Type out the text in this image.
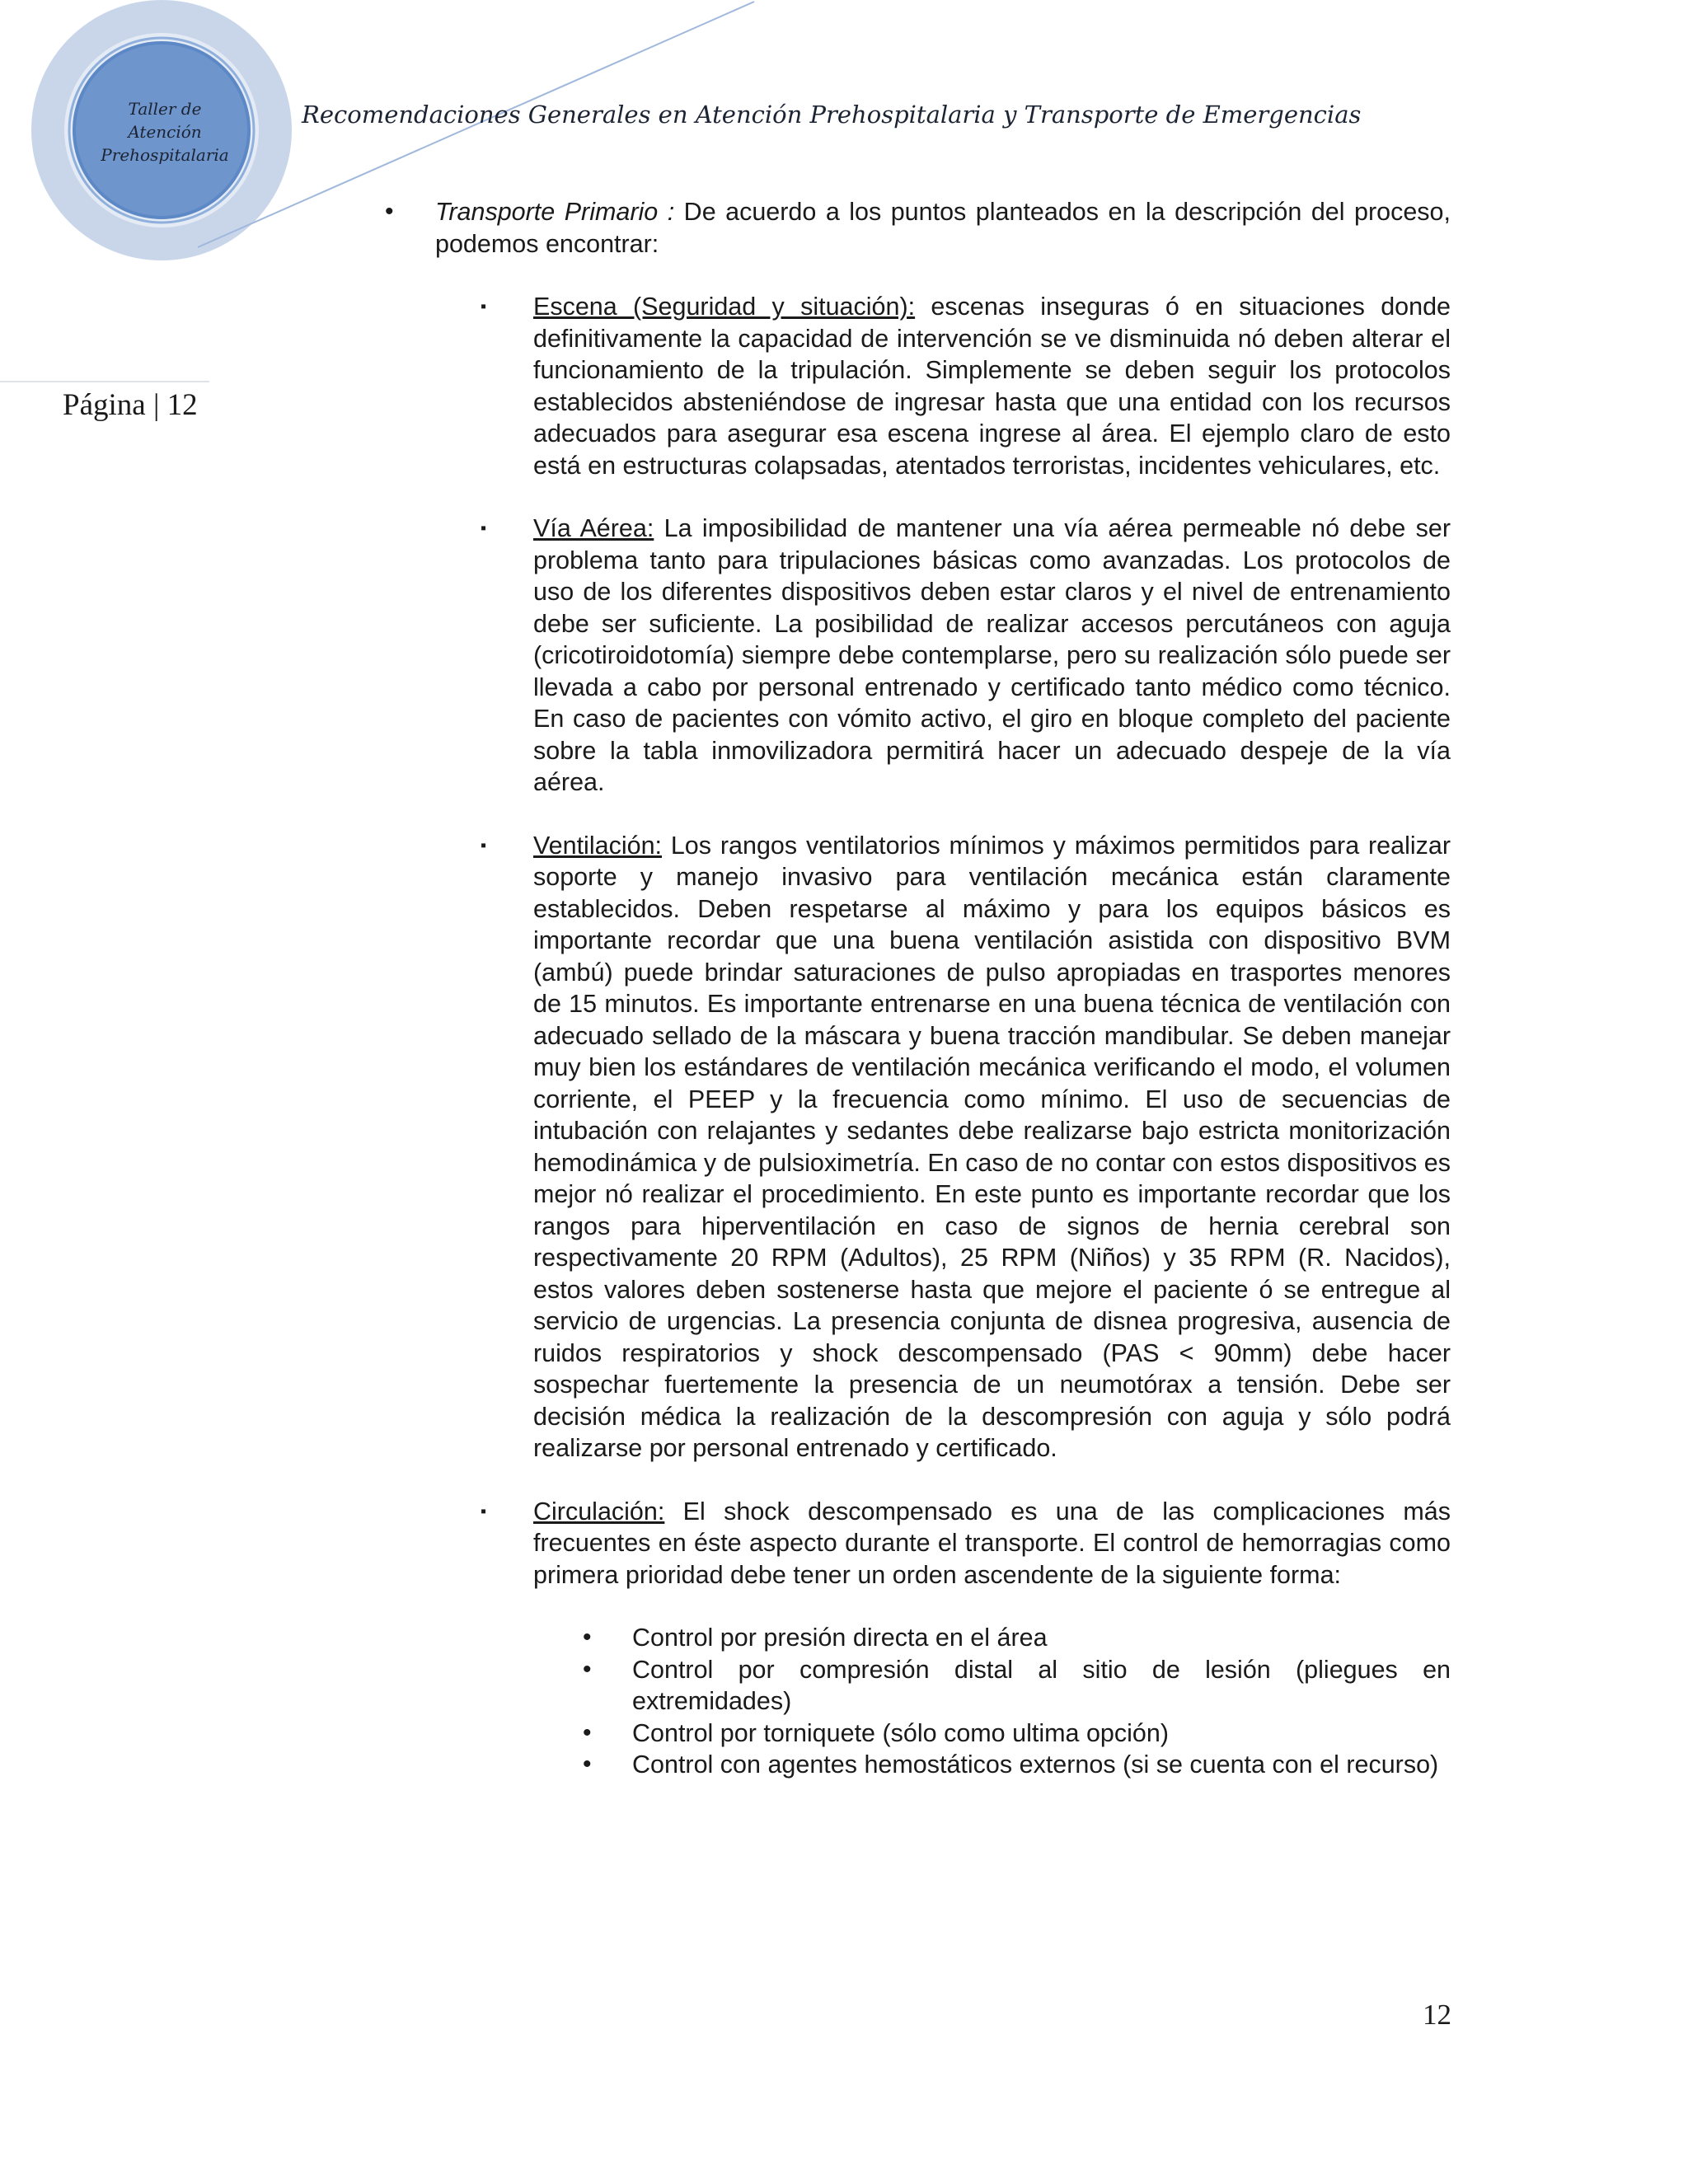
Taller de
Atención
Prehospitalaria
Recomendaciones Generales en Atención Prehospitalaria y Transporte de Emergencias
Página | 12
• Transporte Primario : De acuerdo a los puntos planteados en la descripción del proceso, podemos encontrar:

▪ Escena (Seguridad y situación): escenas inseguras ó en situaciones donde definitivamente la capacidad de intervención se ve disminuida nó deben alterar el funcionamiento de la tripulación. Simplemente se deben seguir los protocolos establecidos absteniéndose de ingresar hasta que una entidad con los recursos adecuados para asegurar esa escena ingrese al área. El ejemplo claro de esto está en estructuras colapsadas, atentados terroristas, incidentes vehiculares, etc.

▪ Vía Aérea: La imposibilidad de mantener una vía aérea permeable nó debe ser problema tanto para tripulaciones básicas como avanzadas. Los protocolos de uso de los diferentes dispositivos deben estar claros y el nivel de entrenamiento debe ser suficiente. La posibilidad de realizar accesos percutáneos con aguja (cricotiroidotomía) siempre debe contemplarse, pero su realización sólo puede ser llevada a cabo por personal entrenado y certificado tanto médico como técnico. En caso de pacientes con vómito activo, el giro en bloque completo del paciente sobre la tabla inmovilizadora permitirá hacer un adecuado despeje de la vía aérea.

▪ Ventilación: Los rangos ventilatorios mínimos y máximos permitidos para realizar soporte y manejo invasivo para ventilación mecánica están claramente establecidos. Deben respetarse al máximo y para los equipos básicos es importante recordar que una buena ventilación asistida con dispositivo BVM (ambú) puede brindar saturaciones de pulso apropiadas en trasportes menores de 15 minutos. Es importante entrenarse en una buena técnica de ventilación con adecuado sellado de la máscara y buena tracción mandibular. Se deben manejar muy bien los estándares de ventilación mecánica verificando el modo, el volumen corriente, el PEEP y la frecuencia como mínimo. El uso de secuencias de intubación con relajantes y sedantes debe realizarse bajo estricta monitorización hemodinámica y de pulsioximetría. En caso de no contar con estos dispositivos es mejor nó realizar el procedimiento. En este punto es importante recordar que los rangos para hiperventilación en caso de signos de hernia cerebral son respectivamente 20 RPM (Adultos), 25 RPM (Niños) y 35 RPM (R. Nacidos), estos valores deben sostenerse hasta que mejore el paciente ó se entregue al servicio de urgencias. La presencia conjunta de disnea progresiva, ausencia de ruidos respiratorios y shock descompensado (PAS < 90mm) debe hacer sospechar fuertemente la presencia de un neumotórax a tensión. Debe ser decisión médica la realización de la descompresión con aguja y sólo podrá realizarse por personal entrenado y certificado.

▪ Circulación: El shock descompensado es una de las complicaciones más frecuentes en éste aspecto durante el transporte. El control de hemorragias como primera prioridad debe tener un orden ascendente de la siguiente forma:

• Control por presión directa en el área

• Control por compresión distal al sitio de lesión (pliegues en extremidades)

• Control por torniquete (sólo como ultima opción)

• Control con agentes hemostáticos externos (si se cuenta con el recurso)

12
